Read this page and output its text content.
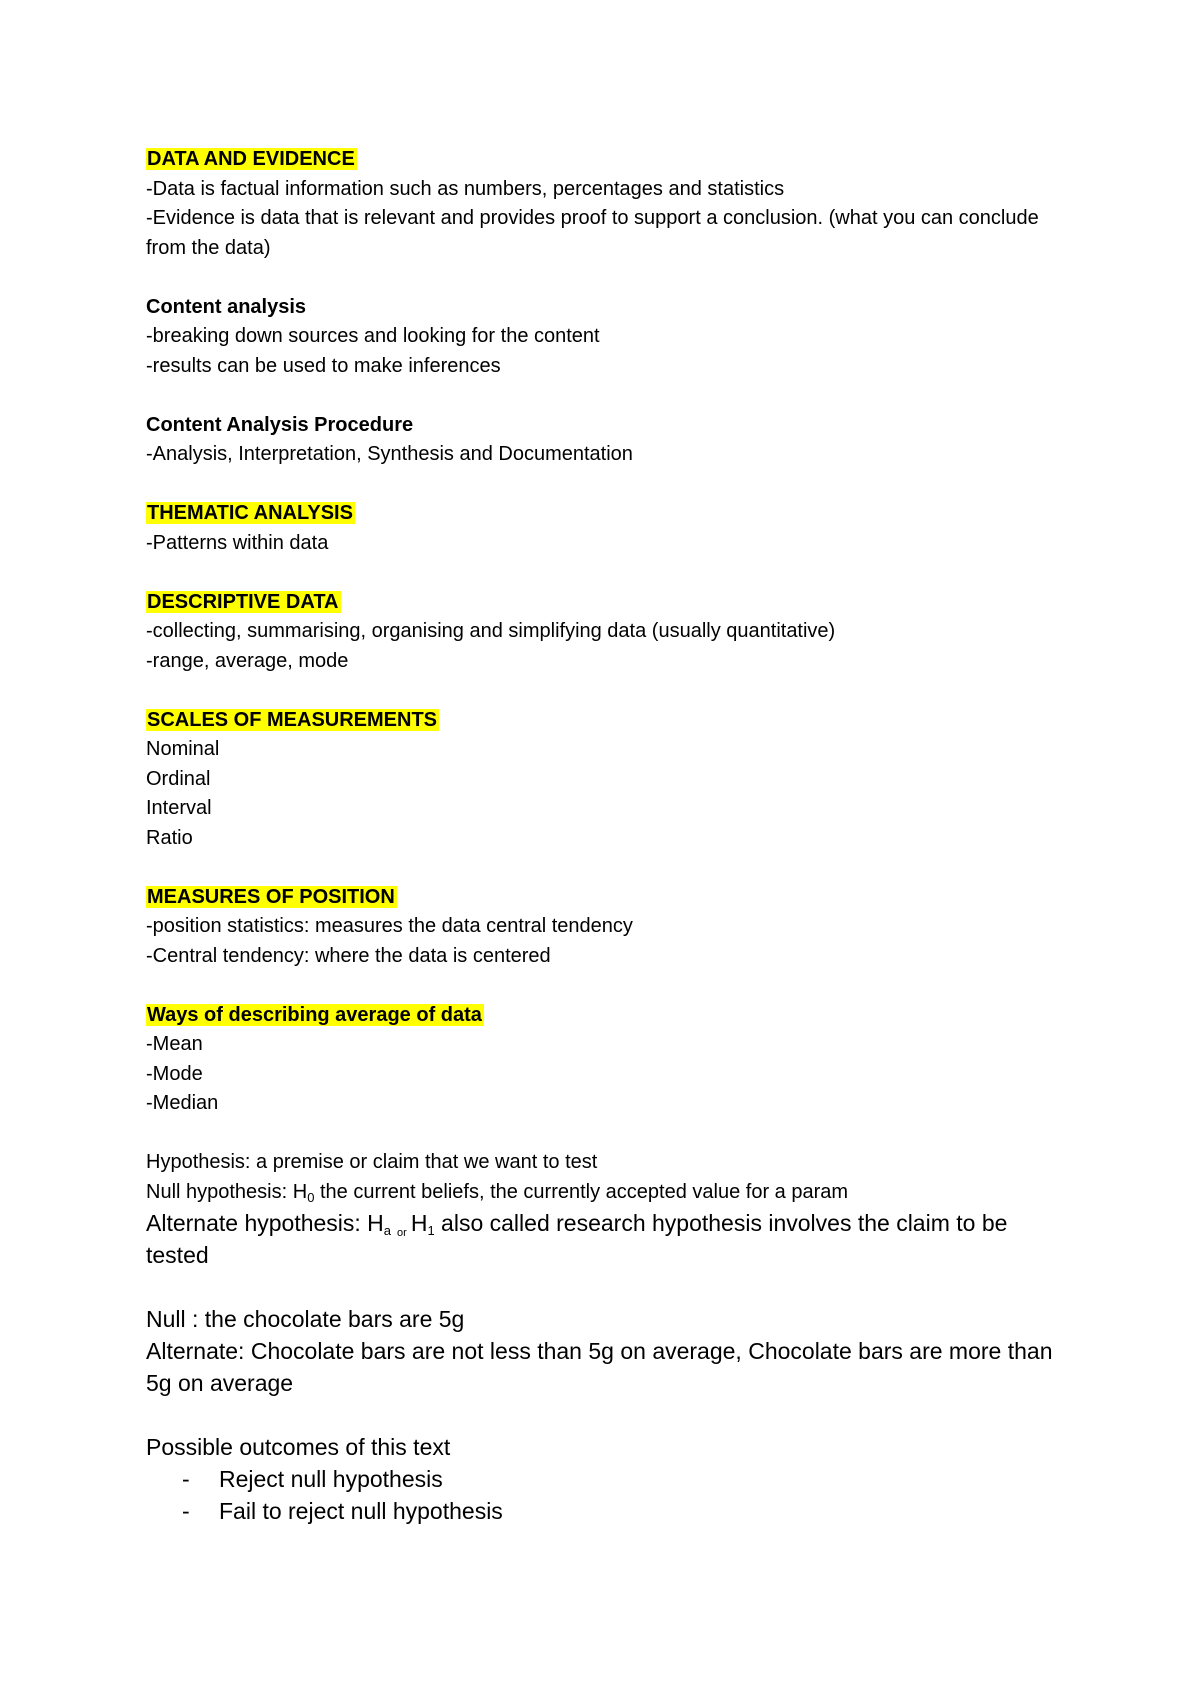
DATA AND EVIDENCE
-Data is factual information such as numbers, percentages and statistics
-Evidence is data that is relevant and provides proof to support a conclusion. (what you can conclude from the data)
Content analysis
-breaking down sources and looking for the content
-results can be used to make inferences
Content Analysis Procedure
-Analysis, Interpretation, Synthesis and Documentation
THEMATIC ANALYSIS
-Patterns within data
DESCRIPTIVE DATA
-collecting, summarising, organising and simplifying data (usually quantitative)
-range, average, mode
SCALES OF MEASUREMENTS
Nominal
Ordinal
Interval
Ratio
MEASURES OF POSITION
-position statistics: measures the data central tendency
-Central tendency: where the data is centered
Ways of describing average of data
-Mean
-Mode
-Median
Hypothesis: a premise or claim that we want to test
Null hypothesis: $H_0$ the current beliefs, the currently accepted value for a param
Alternate hypothesis: $H_a$ $_{or}$ $H_1$ also called research hypothesis involves the claim to be tested
Null : the chocolate bars are 5g
Alternate: Chocolate bars are not less than 5g on average, Chocolate bars are more than 5g on average
Possible outcomes of this text
- Reject null hypothesis
- Fail to reject null hypothesis
